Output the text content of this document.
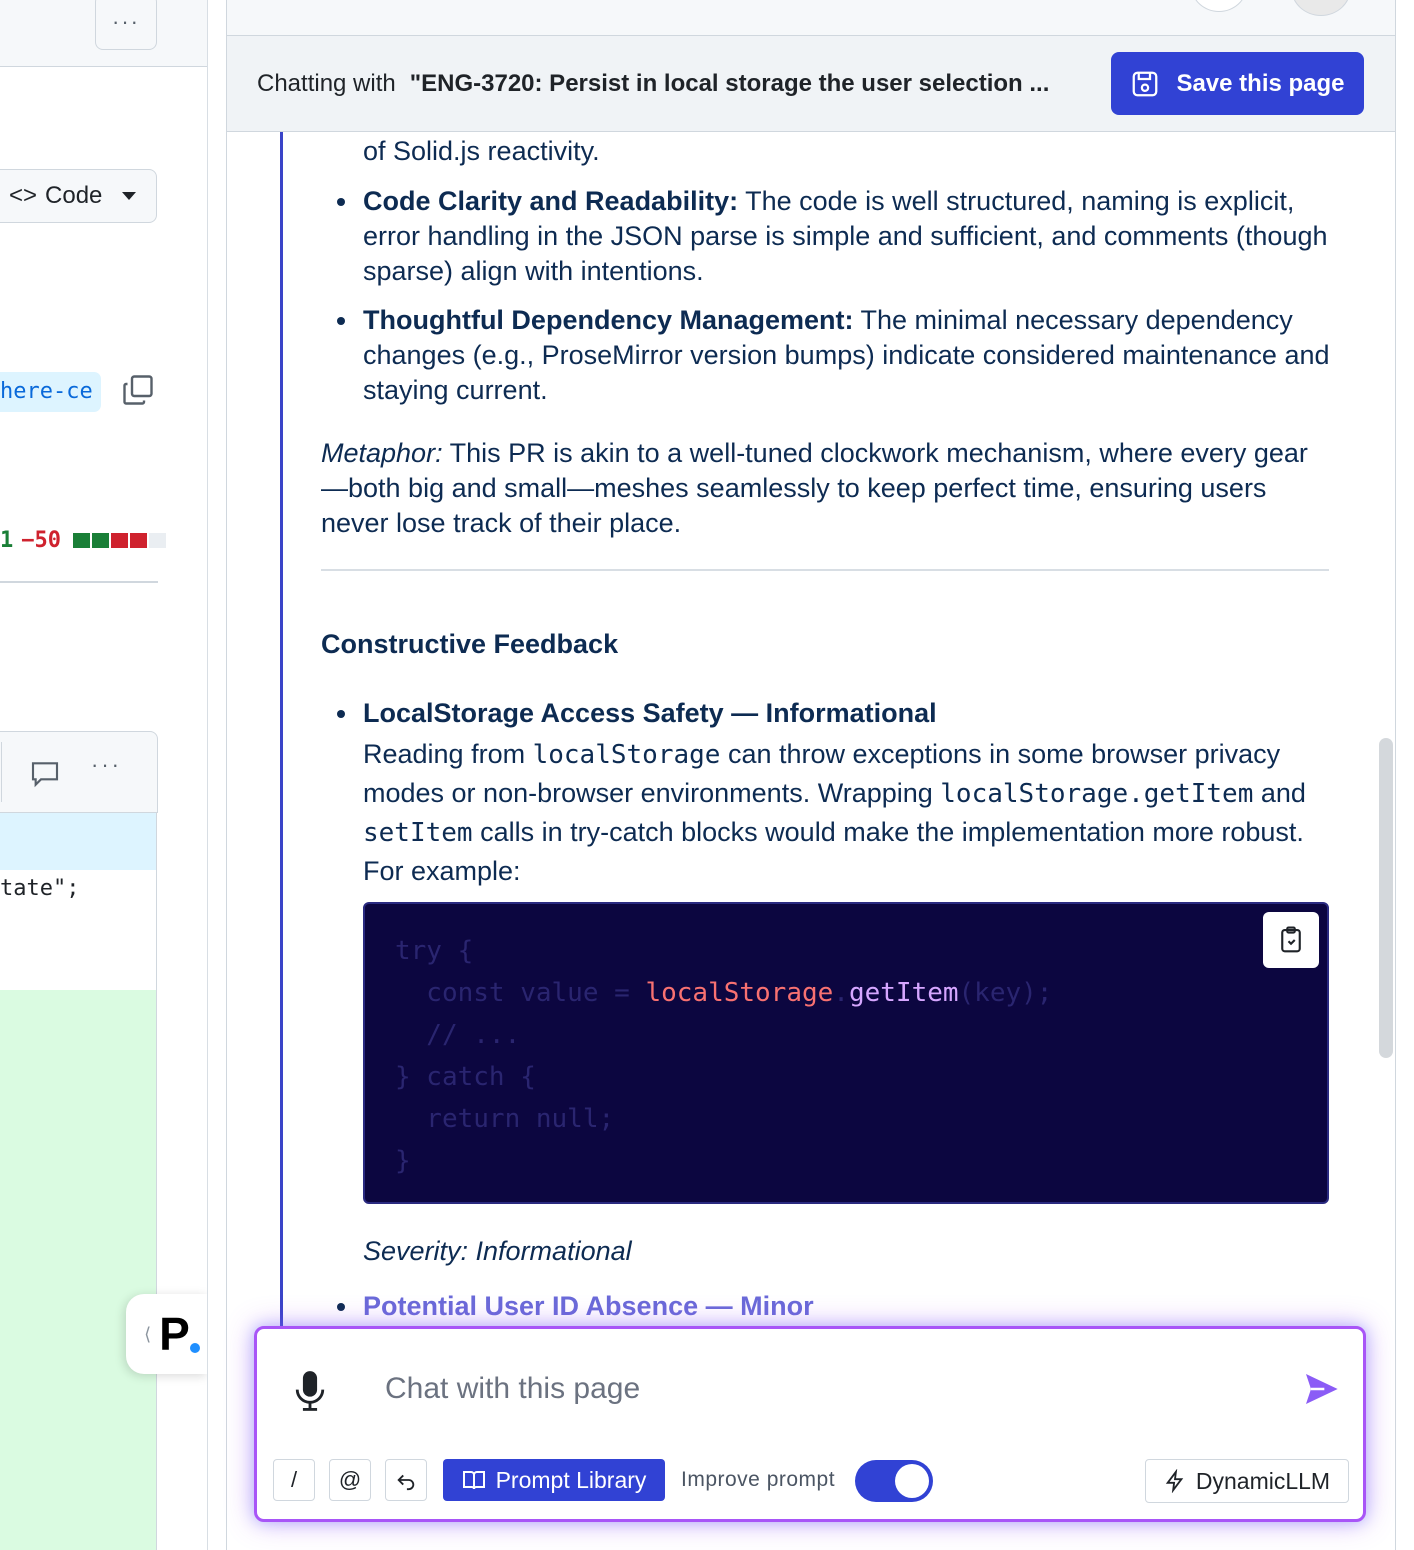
···
<> Code
here-ce
1 −50
···
tate";
⟨ P
Chatting with "ENG-3720: Persist in local storage the user selection ...	Save this page
of Solid.js reactivity.
Code Clarity and Readability: The code is well structured, naming is explicit, error handling in the JSON parse is simple and sufficient, and comments (though sparse) align with intentions.
Thoughtful Dependency Management: The minimal necessary dependency changes (e.g., ProseMirror version bumps) indicate considered maintenance and staying current.

Metaphor: This PR is akin to a well-tuned clockwork mechanism, where every gear—both big and small—meshes seamlessly to keep perfect time, ensuring users never lose track of their place.

Constructive Feedback
LocalStorage Access Safety — Informational
Reading from localStorage can throw exceptions in some browser privacy modes or non-browser environments. Wrapping localStorage.getItem and setItem calls in try-catch blocks would make the implementation more robust. For example:
try {
const value = localStorage.getItem(key);
// ...
} catch {
return null;
}

Severity: Informational

Potential User ID Absence — Minor
Chat with this page
/	@	Prompt Library Improve prompt	DynamicLLM
